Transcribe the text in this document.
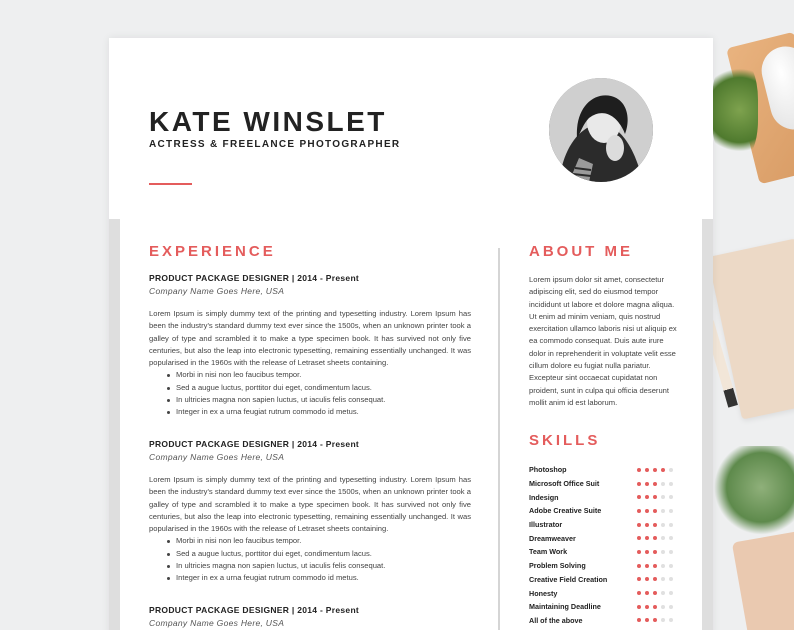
KATE WINSLET
ACTRESS & FREELANCE PHOTOGRAPHER
EXPERIENCE	ABOUT ME
SKILLS
PRODUCT PACKAGE DESIGNER | 2014 - Present
Company Name Goes Here, USA
Lorem Ipsum is simply dummy text of the printing and typesetting industry. Lorem Ipsum has been the industry's standard dummy text ever since the 1500s, when an unknown printer took a galley of type and scrambled it to make a type specimen book. It has survived not only five centuries, but also the leap into electronic typesetting, remaining essentially unchanged. It was popularised in the 1960s with the release of Letraset sheets containing.
Morbi in nisi non leo faucibus tempor.
Sed a augue luctus, porttitor dui eget, condimentum lacus.
In ultricies magna non sapien luctus, ut iaculis felis consequat.
Integer in ex a urna feugiat rutrum commodo id metus.
PRODUCT PACKAGE DESIGNER | 2014 - Present
Company Name Goes Here, USA
Lorem Ipsum is simply dummy text of the printing and typesetting industry. Lorem Ipsum has been the industry's standard dummy text ever since the 1500s, when an unknown printer took a galley of type and scrambled it to make a type specimen book. It has survived not only five centuries, but also the leap into electronic typesetting, remaining essentially unchanged. It was popularised in the 1960s with the release of Letraset sheets containing.
Morbi in nisi non leo faucibus tempor.
Sed a augue luctus, porttitor dui eget, condimentum lacus.
In ultricies magna non sapien luctus, ut iaculis felis consequat.
Integer in ex a urna feugiat rutrum commodo id metus.
PRODUCT PACKAGE DESIGNER | 2014 - Present
Company Name Goes Here, USA
Lorem ipsum dolor sit amet, consectetur adipiscing elit, sed do eiusmod tempor incididunt ut labore et dolore magna aliqua. Ut enim ad minim veniam, quis nostrud exercitation ullamco laboris nisi ut aliquip ex ea commodo consequat. Duis aute irure dolor in reprehenderit in voluptate velit esse cillum dolore eu fugiat nulla pariatur. Excepteur sint occaecat cupidatat non proident, sunt in culpa qui officia deserunt mollit anim id est laborum.
Photoshop
Microsoft Office Suit
Indesign
Adobe Creative Suite
Illustrator
Dreamweaver
Team Work
Problem Solving
Creative Field Creation
Honesty
Maintaining Deadline
All of the above
